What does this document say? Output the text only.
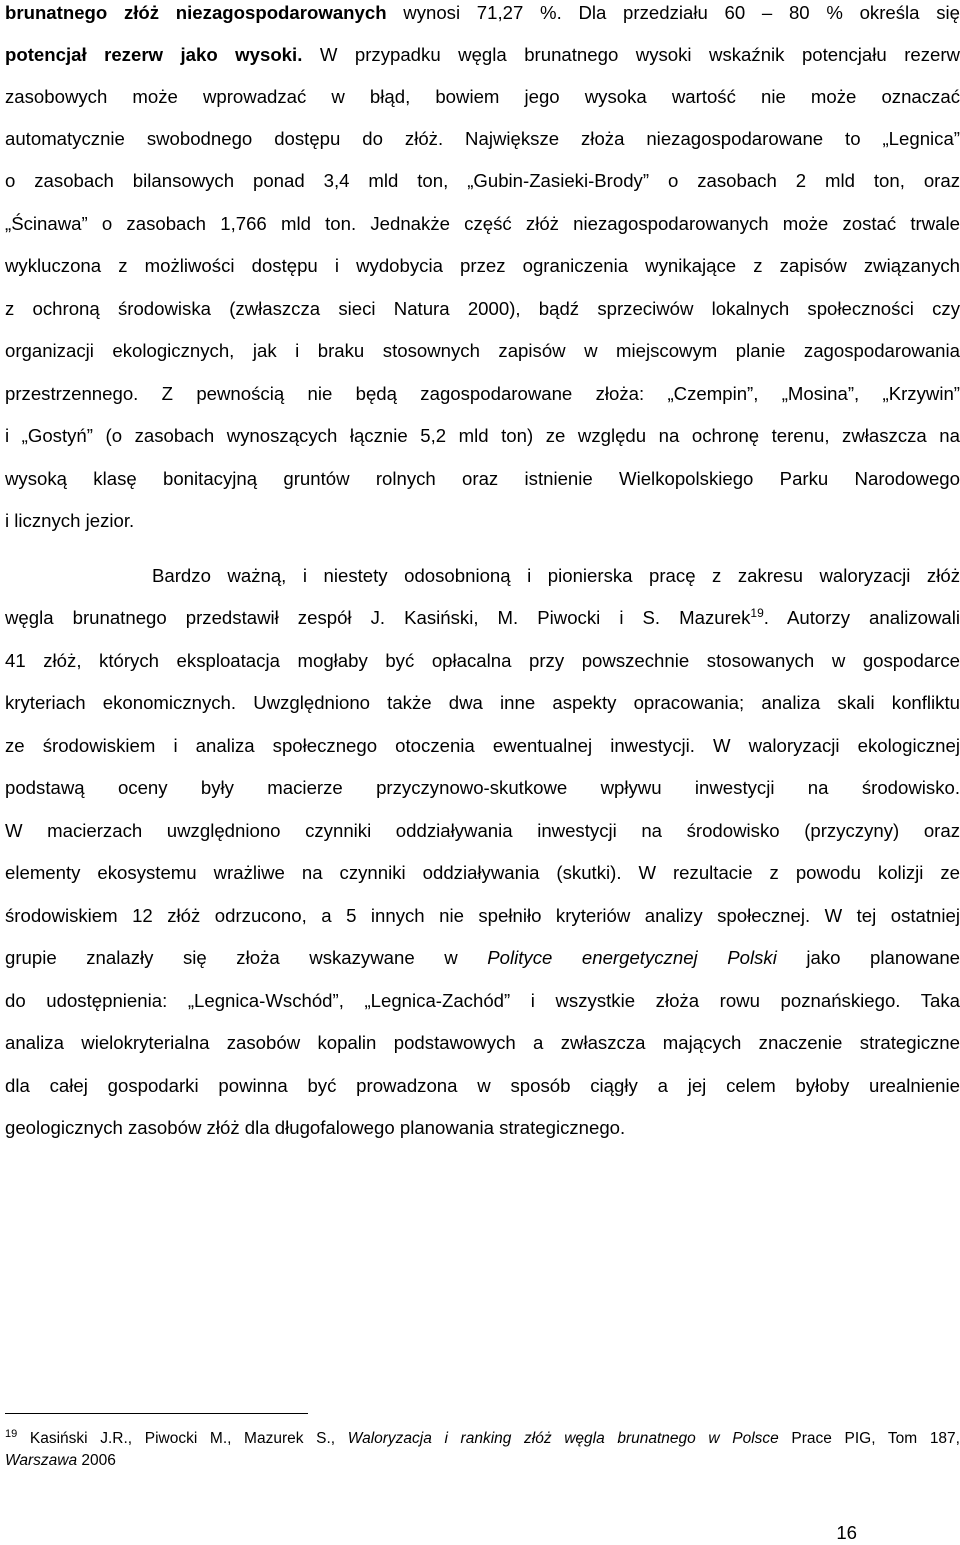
brunatnego złóż niezagospodarowanych wynosi 71,27 %. Dla przedziału 60 – 80 % określa się
potencjał rezerw jako wysoki. W przypadku węgla brunatnego wysoki wskaźnik potencjału rezerw
zasobowych może wprowadzać w błąd, bowiem jego wysoka wartość nie może oznaczać
automatycznie swobodnego dostępu do złóż. Największe złoża niezagospodarowane to „Legnica”
o zasobach bilansowych ponad 3,4 mld ton, „Gubin-Zasieki-Brody” o zasobach 2 mld ton, oraz
„Ścinawa” o zasobach 1,766 mld ton. Jednakże część złóż niezagospodarowanych może zostać trwale
wykluczona z możliwości dostępu i wydobycia przez ograniczenia wynikające z zapisów związanych
z ochroną środowiska (zwłaszcza sieci Natura 2000), bądź sprzeciwów lokalnych społeczności czy
organizacji ekologicznych, jak i braku stosownych zapisów w miejscowym planie zagospodarowania
przestrzennego. Z pewnością nie będą zagospodarowane złoża: „Czempin”, „Mosina”, „Krzywin”
i „Gostyń” (o zasobach wynoszących łącznie 5,2 mld ton) ze względu na ochronę terenu, zwłaszcza na
wysoką klasę bonitacyjną gruntów rolnych oraz istnienie Wielkopolskiego Parku Narodowego
i licznych jezior.
Bardzo ważną, i niestety odosobnioną i pionierska pracę z zakresu waloryzacji złóż
węgla brunatnego przedstawił zespół J. Kasiński, M. Piwocki i S. Mazurek$^{19}$. Autorzy analizowali
41 złóż, których eksploatacja mogłaby być opłacalna przy powszechnie stosowanych w gospodarce
kryteriach ekonomicznych. Uwzględniono także dwa inne aspekty opracowania; analiza skali konfliktu
ze środowiskiem i analiza społecznego otoczenia ewentualnej inwestycji. W waloryzacji ekologicznej
podstawą oceny były macierze przyczynowo-skutkowe wpływu inwestycji na środowisko.
W macierzach uwzględniono czynniki oddziaływania inwestycji na środowisko (przyczyny) oraz
elementy ekosystemu wrażliwe na czynniki oddziaływania (skutki). W rezultacie z powodu kolizji ze
środowiskiem 12 złóż odrzucono, a 5 innych nie spełniło kryteriów analizy społecznej. W tej ostatniej
grupie znalazły się złoża wskazywane w Polityce energetycznej Polski jako planowane
do udostępnienia: „Legnica-Wschód”, „Legnica-Zachód” i wszystkie złoża rowu poznańskiego. Taka
analiza wielokryterialna zasobów kopalin podstawowych a zwłaszcza mających znaczenie strategiczne
dla całej gospodarki powinna być prowadzona w sposób ciągły a jej celem byłoby urealnienie
geologicznych zasobów złóż dla długofalowego planowania strategicznego.
$^{19}$ Kasiński J.R., Piwocki M., Mazurek S., Waloryzacja i ranking złóż węgla brunatnego w Polsce Prace PIG, Tom 187,
Warszawa 2006
16
